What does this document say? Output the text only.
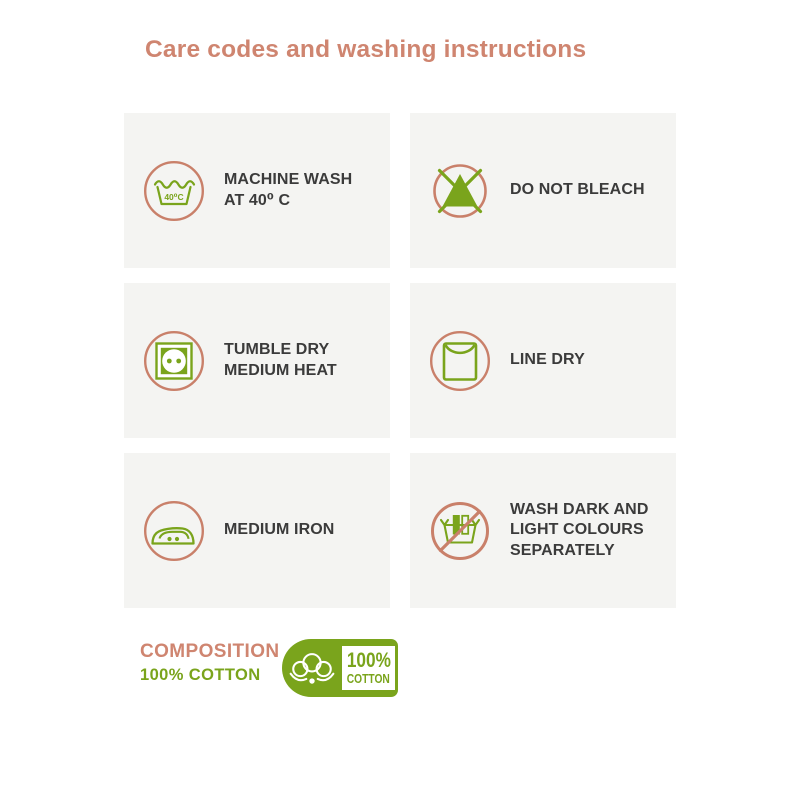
Care codes and washing instructions
40⁰C
MACHINE WASH
AT 40⁰ C
DO NOT BLEACH
TUMBLE DRY
MEDIUM HEAT
LINE DRY
MEDIUM IRON
WASH DARK AND
LIGHT COLOURS
SEPARATELY
COMPOSITION
100% COTTON
100%
COTTON
